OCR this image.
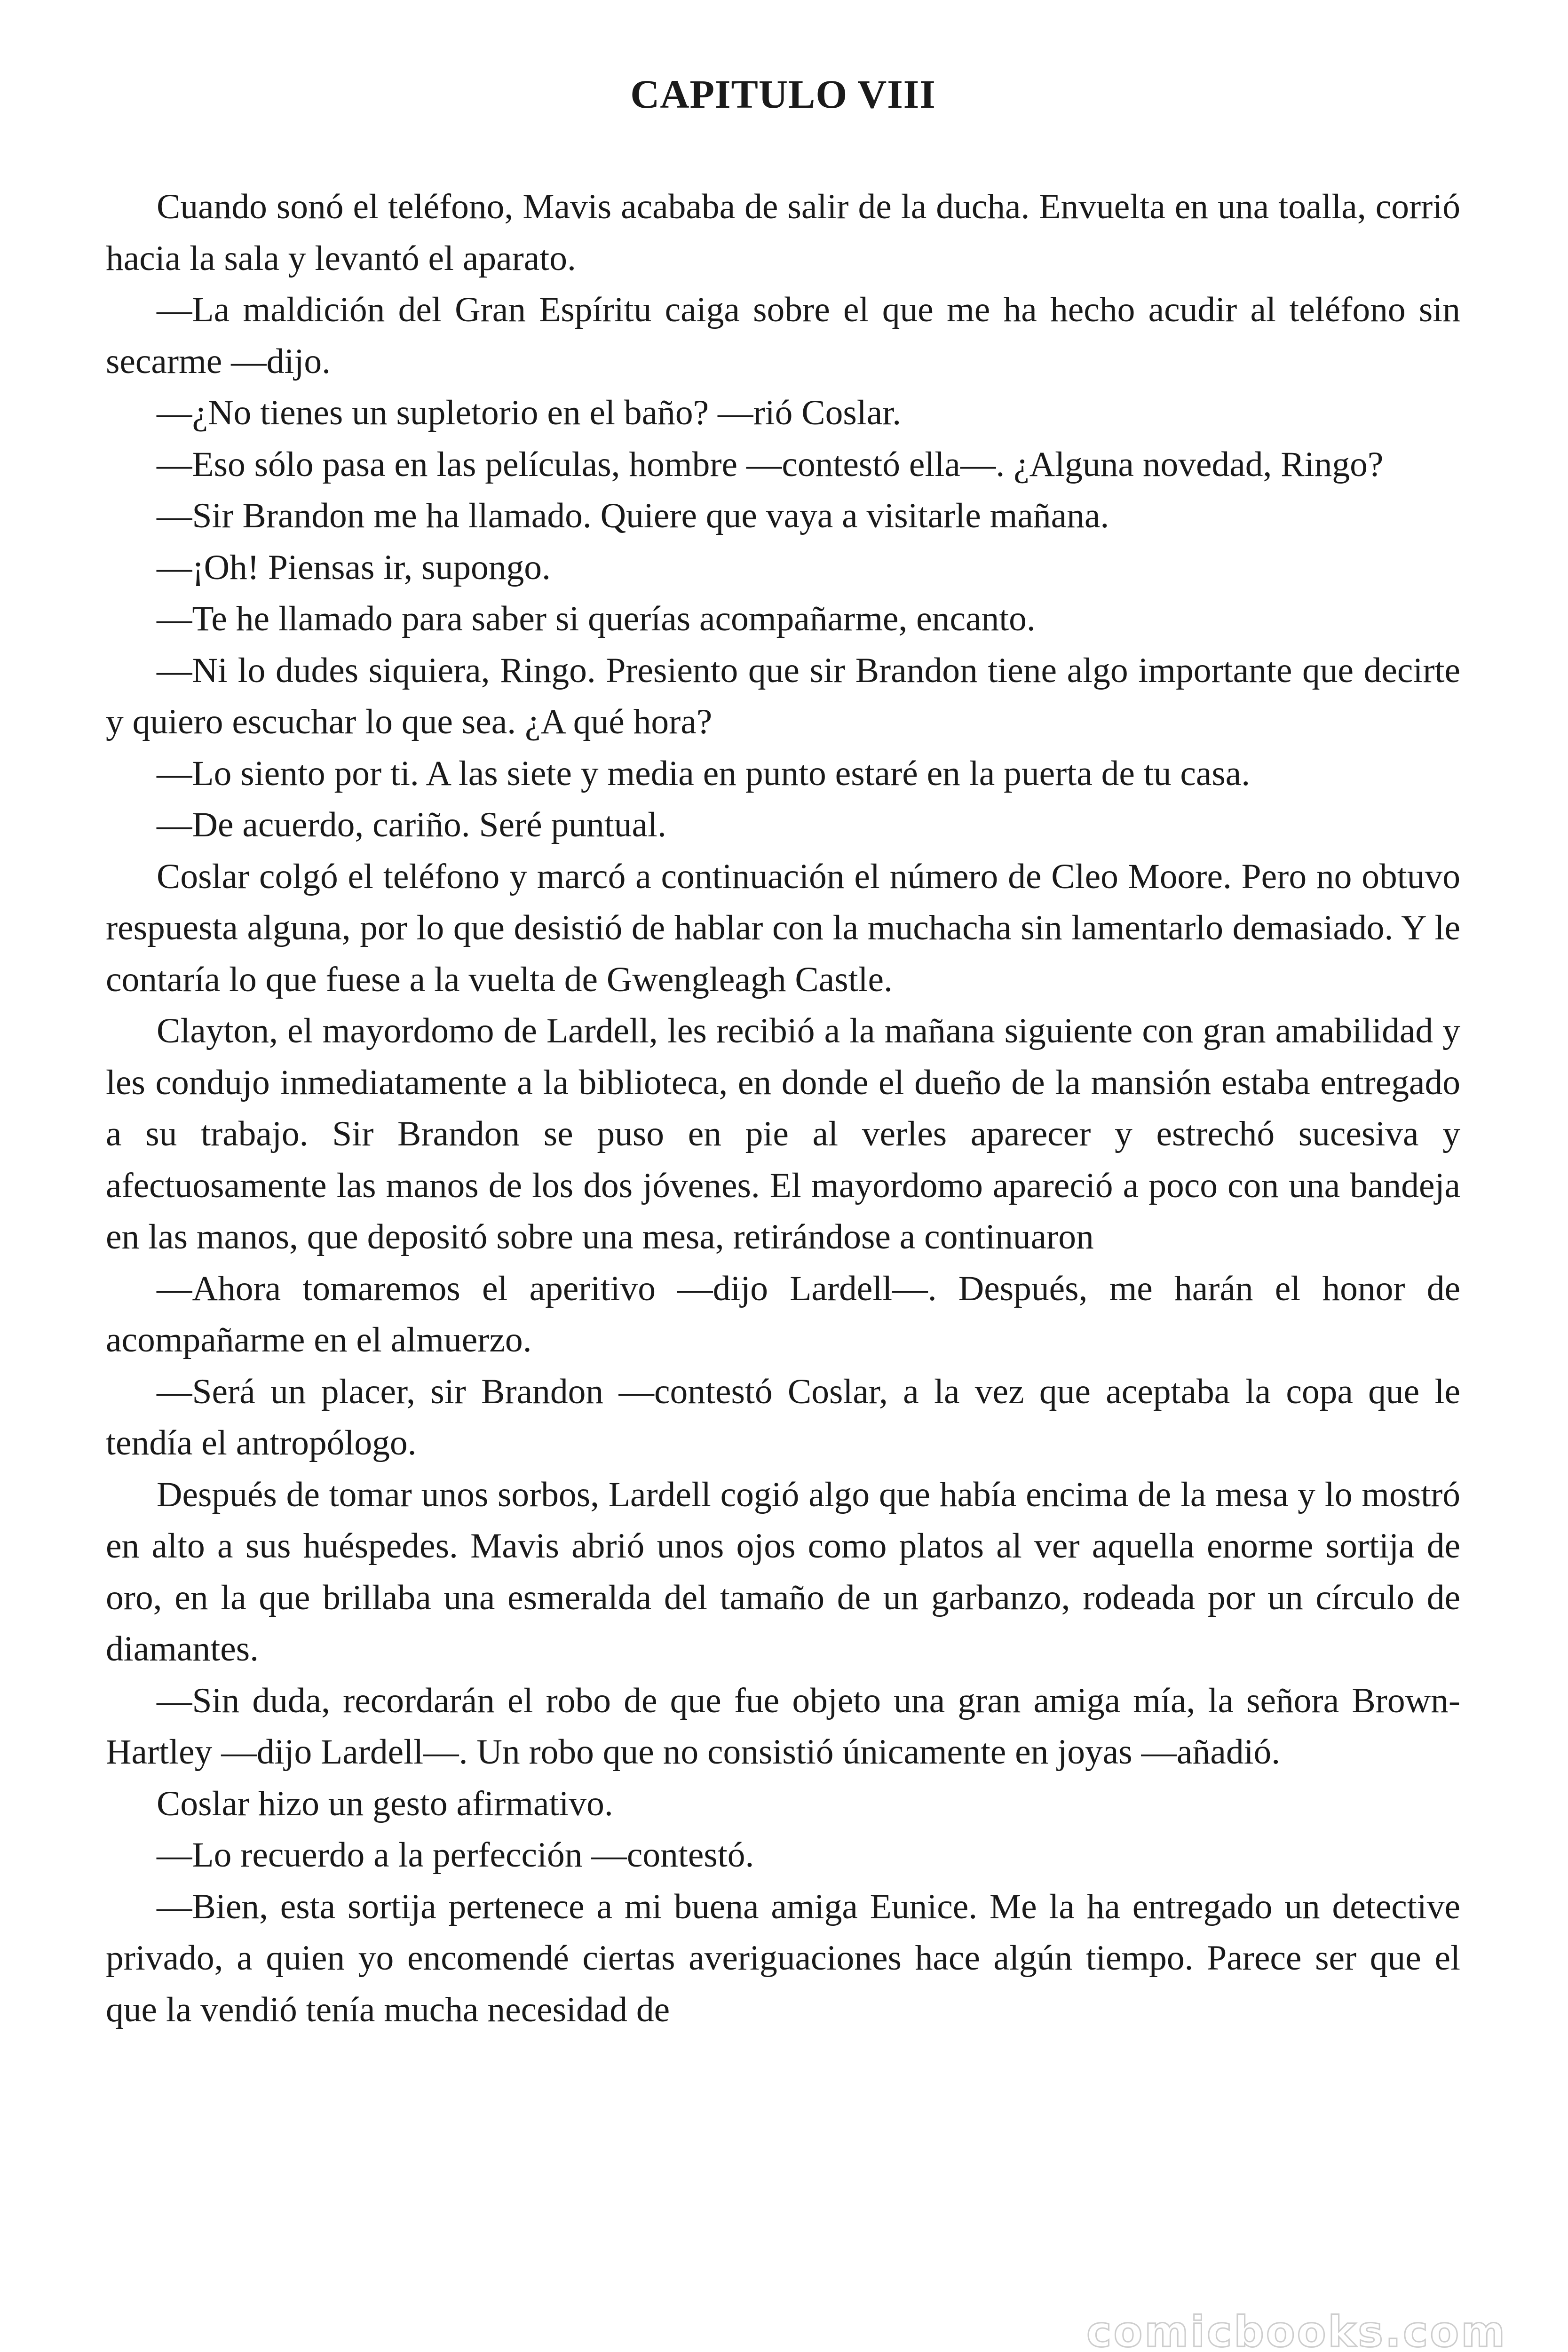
CAPITULO VIII

Cuando sonó el teléfono, Mavis acababa de salir de la ducha. Envuelta en una toalla, corrió hacia la sala y levantó el aparato.

—La maldición del Gran Espíritu caiga sobre el que me ha hecho acudir al teléfono sin secarme —dijo.

—¿No tienes un supletorio en el baño? —rió Coslar.

—Eso sólo pasa en las películas, hombre —contestó ella—. ¿Alguna novedad, Ringo?

—Sir Brandon me ha llamado. Quiere que vaya a visitarle mañana.

—¡Oh! Piensas ir, supongo.

—Te he llamado para saber si querías acompañarme, encanto.

—Ni lo dudes siquiera, Ringo. Presiento que sir Brandon tiene algo importante que decirte y quiero escuchar lo que sea. ¿A qué hora?

—Lo siento por ti. A las siete y media en punto estaré en la puerta de tu casa.

—De acuerdo, cariño. Seré puntual.

Coslar colgó el teléfono y marcó a continuación el número de Cleo Moore. Pero no obtuvo respuesta alguna, por lo que desistió de hablar con la muchacha sin lamentarlo demasiado. Y le contaría lo que fuese a la vuelta de Gwengleagh Castle.

Clayton, el mayordomo de Lardell, les recibió a la mañana siguiente con gran amabilidad y les condujo inmediatamente a la biblioteca, en donde el dueño de la mansión estaba entregado a su trabajo. Sir Brandon se puso en pie al verles aparecer y estrechó sucesiva y afectuosamente las manos de los dos jóvenes. El mayordomo apareció a poco con una bandeja en las manos, que depositó sobre una mesa, retirándose a continuaron

—Ahora tomaremos el aperitivo —dijo Lardell—. Después, me harán el honor de acompañarme en el almuerzo.

—Será un placer, sir Brandon —contestó Coslar, a la vez que aceptaba la copa que le tendía el antropólogo.

Después de tomar unos sorbos, Lardell cogió algo que había encima de la mesa y lo mostró en alto a sus huéspedes. Mavis abrió unos ojos como platos al ver aquella enorme sortija de oro, en la que brillaba una esmeralda del tamaño de un garbanzo, rodeada por un círculo de diamantes.

—Sin duda, recordarán el robo de que fue objeto una gran amiga mía, la señora Brown-Hartley —dijo Lardell—. Un robo que no consistió únicamente en joyas —añadió.

Coslar hizo un gesto afirmativo.

—Lo recuerdo a la perfección —contestó.

—Bien, esta sortija pertenece a mi buena amiga Eunice. Me la ha entregado un detective privado, a quien yo encomendé ciertas averiguaciones hace algún tiempo. Parece ser que el que la vendió tenía mucha necesidad de

comicbooks.com
